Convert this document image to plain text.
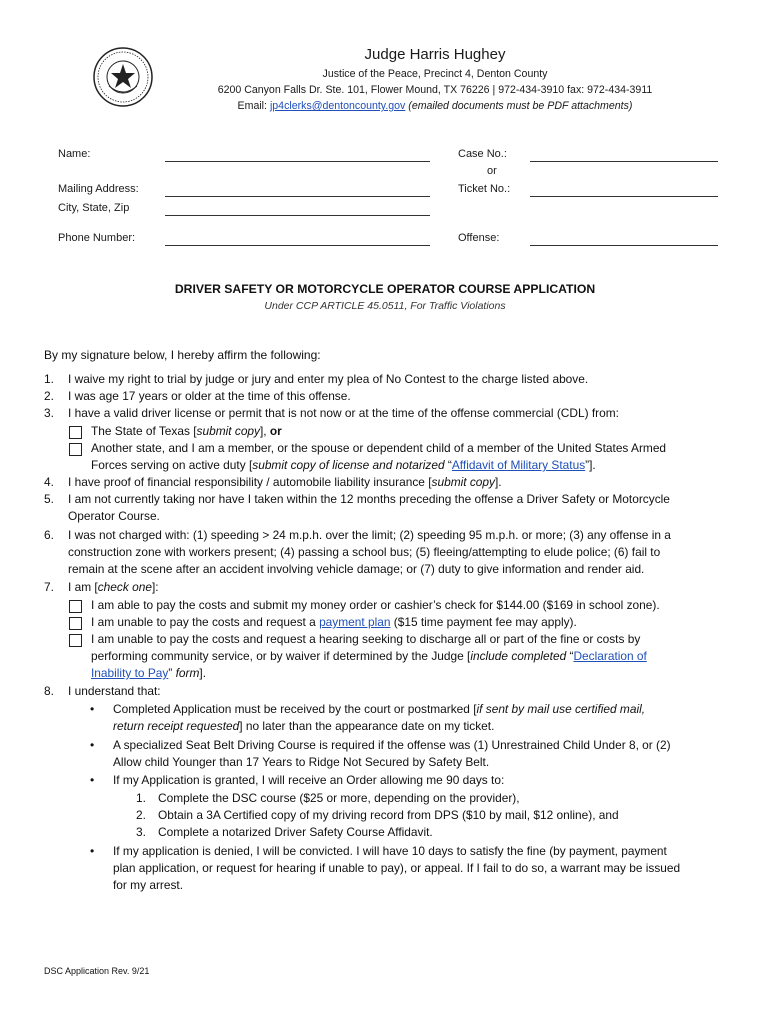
Judge Harris Hughey
Justice of the Peace, Precinct 4, Denton County
6200 Canyon Falls Dr. Ste. 101, Flower Mound, TX 76226 | 972-434-3910 fax: 972-434-3911
Email: jp4clerks@dentoncounty.gov (emailed documents must be PDF attachments)
Name:	Case No.:
or
Mailing Address:	Ticket No.:
City, State, Zip
Phone Number:	Offense:
DRIVER SAFETY OR MOTORCYCLE OPERATOR COURSE APPLICATION
Under CCP ARTICLE 45.0511, For Traffic Violations
By my signature below, I hereby affirm the following:
1. I waive my right to trial by judge or jury and enter my plea of No Contest to the charge listed above.
2. I was age 17 years or older at the time of this offense.
3. I have a valid driver license or permit that is not now or at the time of the offense commercial (CDL) from:
The State of Texas [submit copy], or
Another state, and I am a member, or the spouse or dependent child of a member of the United States Armed
Forces serving on active duty [submit copy of license and notarized “Affidavit of Military Status”].
4. I have proof of financial responsibility / automobile liability insurance [submit copy].
5. I am not currently taking nor have I taken within the 12 months preceding the offense a Driver Safety or Motorcycle
Operator Course.
6. I was not charged with: (1) speeding > 24 m.p.h. over the limit; (2) speeding 95 m.p.h. or more; (3) any offense in a
construction zone with workers present; (4) passing a school bus; (5) fleeing/attempting to elude police; (6) fail to
remain at the scene after an accident involving vehicle damage; or (7) duty to give information and render aid.
7. I am [check one]:
I am able to pay the costs and submit my money order or cashier’s check for $144.00 ($169 in school zone).
I am unable to pay the costs and request a payment plan ($15 time payment fee may apply).
I am unable to pay the costs and request a hearing seeking to discharge all or part of the fine or costs by
performing community service, or by waiver if determined by the Judge [include completed “Declaration of
Inability to Pay” form].
8. I understand that:
• Completed Application must be received by the court or postmarked [if sent by mail use certified mail,
return receipt requested] no later than the appearance date on my ticket.
• A specialized Seat Belt Driving Course is required if the offense was (1) Unrestrained Child Under 8, or (2)
Allow child Younger than 17 Years to Ridge Not Secured by Safety Belt.
• If my Application is granted, I will receive an Order allowing me 90 days to:
1. Complete the DSC course ($25 or more, depending on the provider),
2. Obtain a 3A Certified copy of my driving record from DPS ($10 by mail, $12 online), and
3. Complete a notarized Driver Safety Course Affidavit.
• If my application is denied, I will be convicted. I will have 10 days to satisfy the fine (by payment, payment
plan application, or request for hearing if unable to pay), or appeal. If I fail to do so, a warrant may be issued
for my arrest.
DSC Application Rev. 9/21
